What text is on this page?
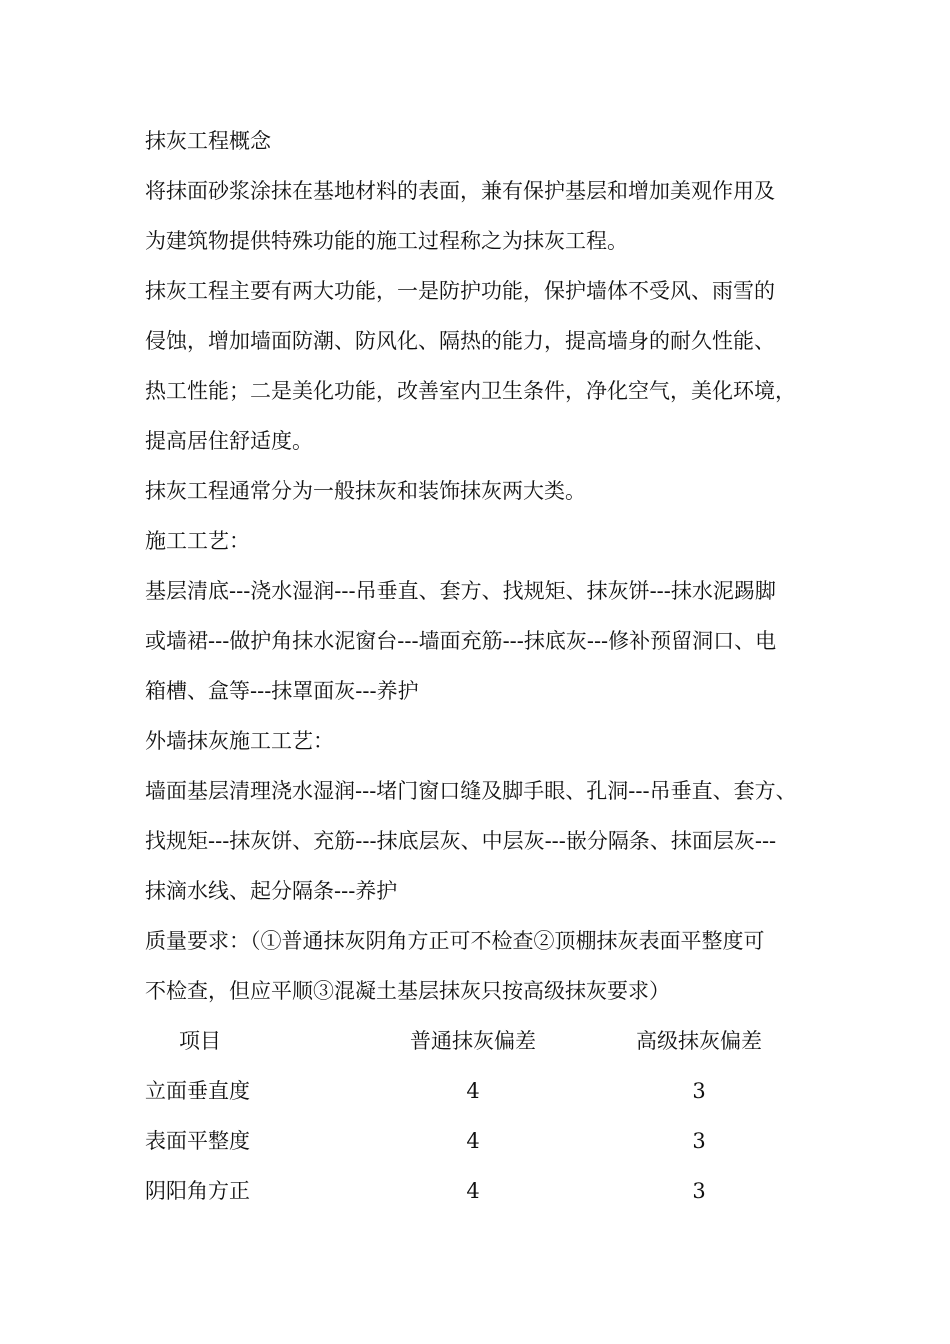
抹灰工程概念
将抹面砂浆涂抹在基地材料的表面，兼有保护基层和增加美观作用及
为建筑物提供特殊功能的施工过程称之为抹灰工程。
抹灰工程主要有两大功能，一是防护功能，保护墙体不受风、雨雪的
侵蚀，增加墙面防潮、防风化、隔热的能力，提高墙身的耐久性能、
热工性能；二是美化功能，改善室内卫生条件，净化空气，美化环境，
提高居住舒适度。
抹灰工程通常分为一般抹灰和装饰抹灰两大类。
施工工艺：
基层清底---浇水湿润---吊垂直、套方、找规矩、抹灰饼---抹水泥踢脚
或墙裙---做护角抹水泥窗台---墙面充筋---抹底灰---修补预留洞口、电
箱槽、盒等---抹罩面灰---养护
外墙抹灰施工工艺：
墙面基层清理浇水湿润---堵门窗口缝及脚手眼、孔洞---吊垂直、套方、
找规矩---抹灰饼、充筋---抹底层灰、中层灰---嵌分隔条、抹面层灰---
抹滴水线、起分隔条---养护
质量要求：（①普通抹灰阴角方正可不检查②顶棚抹灰表面平整度可
不检查，但应平顺③混凝土基层抹灰只按高级抹灰要求）
项目	普通抹灰偏差	高级抹灰偏差
立面垂直度	4	3
表面平整度	4	3
阴阳角方正	4	3
